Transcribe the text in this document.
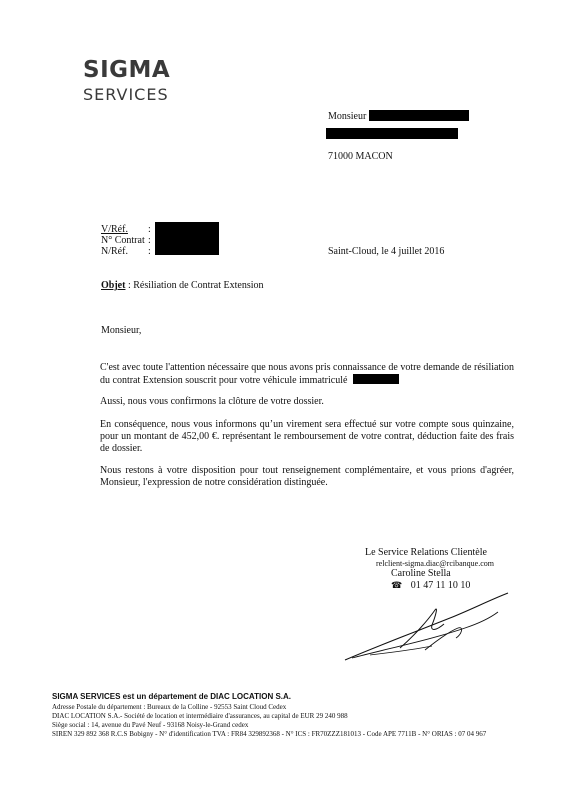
SIGMA
SERVICES
Monsieur
71000 MACON
V/Réf. :
N° Contrat :
N/Réf. :	Saint-Cloud, le 4 juillet 2016
Objet : Résiliation de Contrat Extension
Monsieur,
C'est avec toute l'attention nécessaire que nous avons pris connaissance de votre demande de résiliation du contrat Extension souscrit pour votre véhicule immatriculé
Aussi, nous vous confirmons la clôture de votre dossier.
En conséquence, nous vous informons qu’un virement sera effectué sur votre compte sous quinzaine, pour un montant de 452,00 €. représentant le remboursement de votre contrat, déduction faite des frais de dossier.
Nous restons à votre disposition pour tout renseignement complémentaire, et vous prions d'agréer, Monsieur, l'expression de notre considération distinguée.
Le Service Relations Clientèle
relclient-sigma.diac@rcibanque.com
Caroline Stella
☎ 01 47 11 10 10
SIGMA SERVICES est un département de DIAC LOCATION S.A.
Adresse Postale du département : Bureaux de la Colline - 92553 Saint Cloud Cedex
DIAC LOCATION S.A.- Société de location et intermédiaire d'assurances, au capital de EUR 29 240 988
Siège social : 14, avenue du Pavé Neuf - 93168 Noisy-le-Grand cedex
SIREN 329 892 368 R.C.S Bobigny - N° d'identification TVA : FR84 329892368 - N° ICS : FR70ZZZ181013 - Code APE 7711B - N° ORIAS : 07 04 967
